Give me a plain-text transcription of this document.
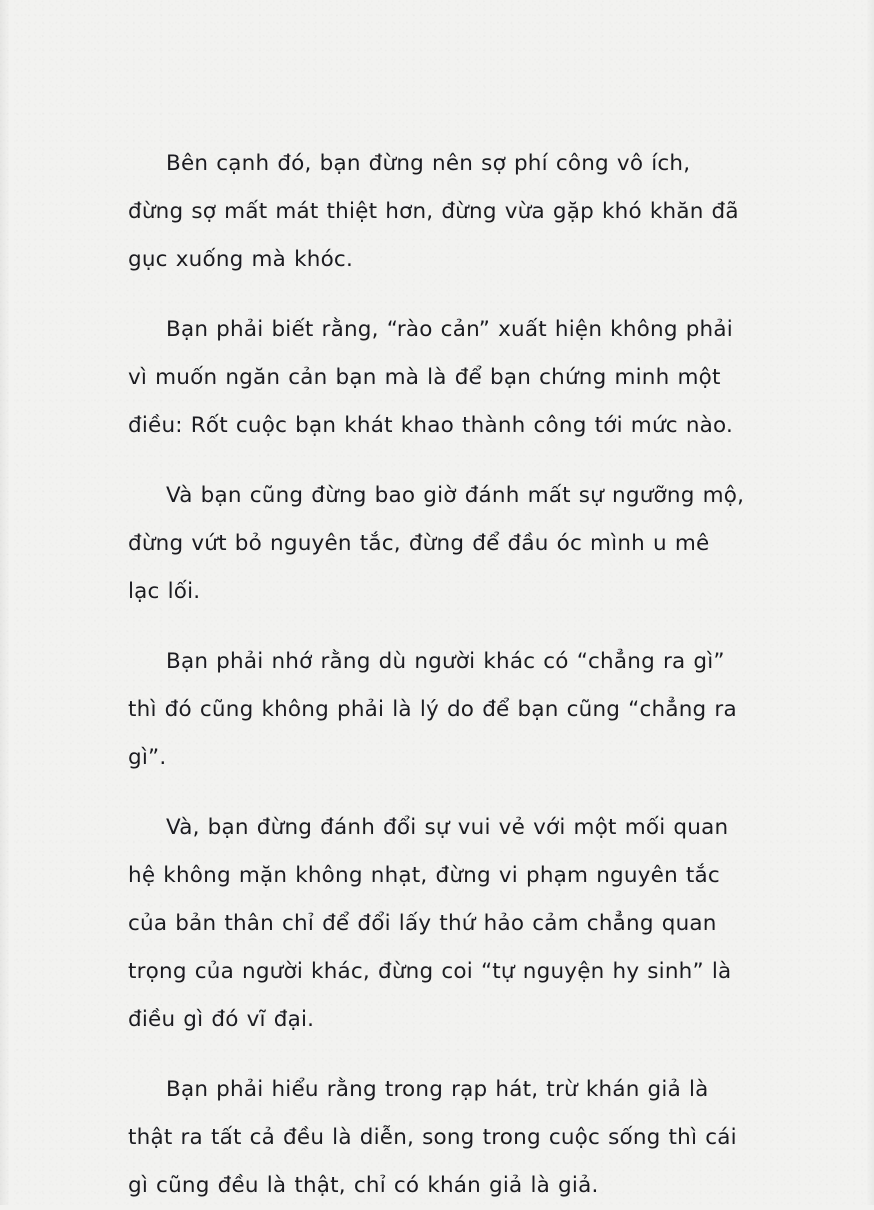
Bên cạnh đó, bạn đừng nên sợ phí công vô ích, đừng sợ mất mát thiệt hơn, đừng vừa gặp khó khăn đã gục xuống mà khóc.

Bạn phải biết rằng, “rào cản” xuất hiện không phải vì muốn ngăn cản bạn mà là để bạn chứng minh một điều: Rốt cuộc bạn khát khao thành công tới mức nào.

Và bạn cũng đừng bao giờ đánh mất sự ngưỡng mộ, đừng vứt bỏ nguyên tắc, đừng để đầu óc mình u mê lạc lối.

Bạn phải nhớ rằng dù người khác có “chẳng ra gì” thì đó cũng không phải là lý do để bạn cũng “chẳng ra gì”.

Và, bạn đừng đánh đổi sự vui vẻ với một mối quan hệ không mặn không nhạt, đừng vi phạm nguyên tắc của bản thân chỉ để đổi lấy thứ hảo cảm chẳng quan trọng của người khác, đừng coi “tự nguyện hy sinh” là điều gì đó vĩ đại.

Bạn phải hiểu rằng trong rạp hát, trừ khán giả là thật ra tất cả đều là diễn, song trong cuộc sống thì cái gì cũng đều là thật, chỉ có khán giả là giả.
